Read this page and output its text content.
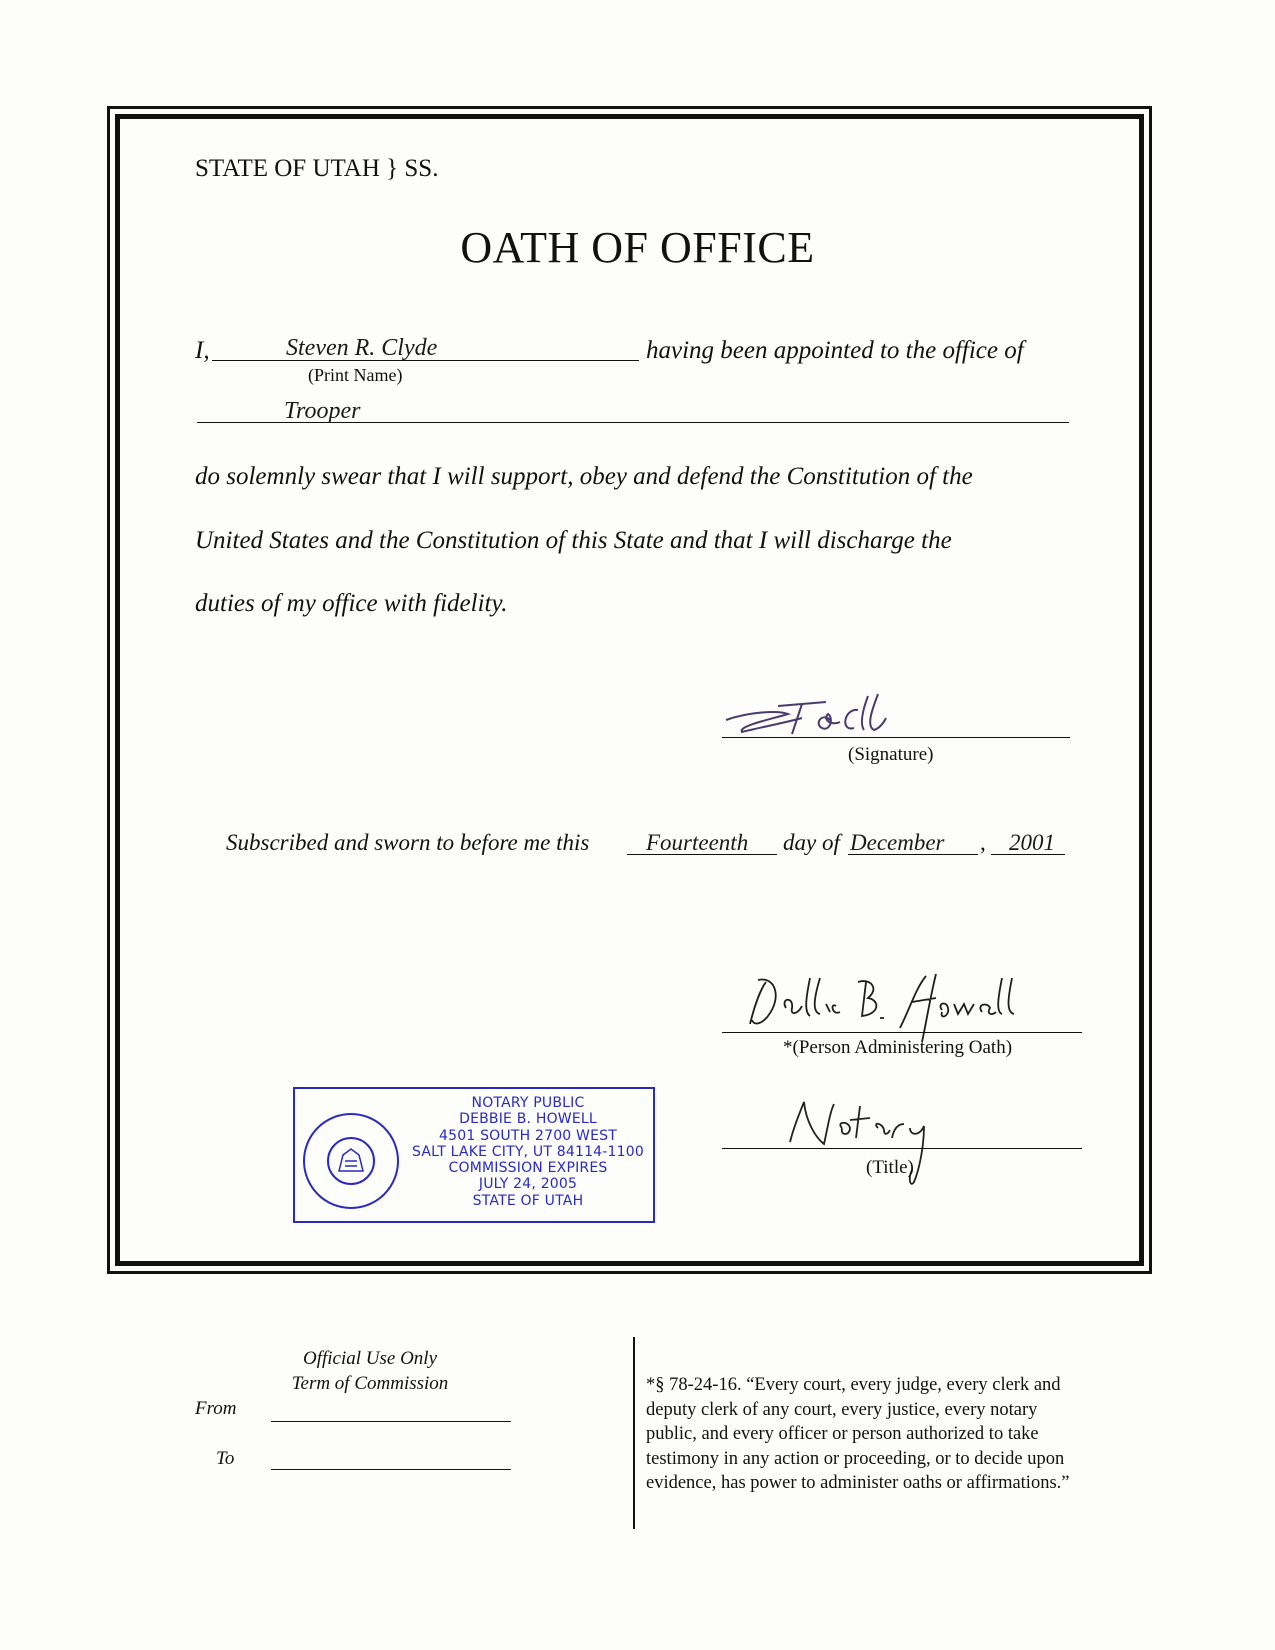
STATE OF UTAH } SS.
OATH OF OFFICE
I,	Steven R. Clyde	having been appointed to the office of
(Print Name)
Trooper
do solemnly swear that I will support, obey and defend the Constitution of the
United States and the Constitution of this State and that I will discharge the
duties of my office with fidelity.
(Signature)
Subscribed and sworn to before me this Fourteenth day of December , 2001
*(Person Administering Oath)
(Title)
NOTARY PUBLIC
DEBBIE B. HOWELL
4501 SOUTH 2700 WEST
SALT LAKE CITY, UT 84114-1100
COMMISSION EXPIRES
JULY 24, 2005
STATE OF UTAH
Official Use Only
Term of Commission
From
To
*§ 78-24-16. “Every court, every judge, every clerk and
deputy clerk of any court, every justice, every notary
public, and every officer or person authorized to take
testimony in any action or proceeding, or to decide upon
evidence, has power to administer oaths or affirmations.”
